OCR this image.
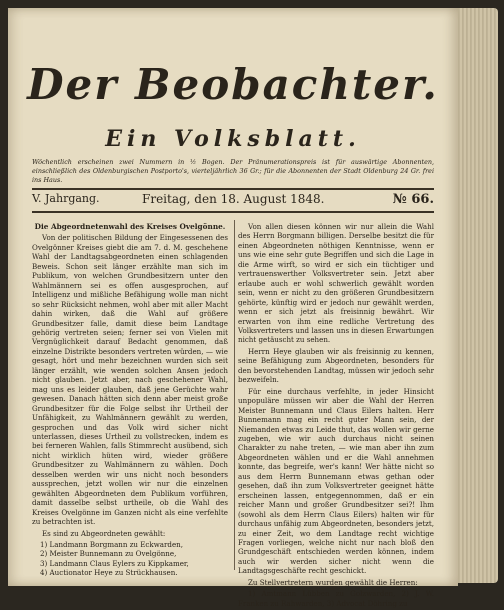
Der Beobachter.
Ein Volksblatt.
Wöchentlich erscheinen zwei Nummern in ½ Bogen. Der Pränumerationspreis ist für auswärtige Abonnenten, einschließlich des Oldenburgischen Postporto's, vierteljährlich 36 Gr.; für die Abonnenten der Stadt Oldenburg 24 Gr. frei ins Haus.
V. Jahrgang.	Freitag, den 18. August 1848.	№ 66.
Die Abgeordnetenwahl des Kreises Ovelgönne.

Von der politischen Bildung der Eingesessenen des Ovelgönner Kreises giebt die am 7. d. M. geschehene Wahl der Landtagsabgeordneten einen schlagenden Beweis. Schon seit länger erzählte man sich im Publikum, von welchen Grundbesitzern unter den Wahlmännern sei es offen ausgesprochen, auf Intelligenz und mißliche Befähigung wolle man nicht so sehr Rücksicht nehmen, wohl aber mit aller Macht dahin wirken, daß die Wahl auf größere Grundbesitzer falle, damit diese beim Landtage gehörig vertreten seien; ferner sei von Vielen mit Vergnüglichkeit darauf Bedacht genommen, daß einzelne Distrikte besonders vertreten würden, — wie gesagt, hört und mehr bezeichnen wurden sich seit länger erzählt, wie wenden solchen Ansen jedoch nicht glauben. Jetzt aber, nach geschehener Wahl, mag uns es leider glauben, daß jene Gerüchte wahr gewesen. Danach hätten sich denn aber meist große Grundbesitzer für die Folge selbst ihr Urtheil der Unfähigkeit, zu Wahlmännern gewählt zu werden, gesprochen und das Volk wird sicher nicht unterlassen, dieses Urtheil zu vollstrecken, indem es bei ferneren Wahlen, falls Stimmrecht ausübend, sich nicht wirklich hüten wird, wieder größere Grundbesitzer zu Wahlmännern zu wählen. Doch desselben werden wir uns nicht noch besonders aussprechen, jetzt wollen wir nur die einzelnen gewählten Abgeordneten dem Publikum vorführen, damit dasselbe selbst urtheile, ob die Wahl des Kreises Ovelgönne im Ganzen nicht als eine verfehlte zu betrachten ist.

Es sind zu Abgeordneten gewählt:

1) Landmann Borgmann zu Eckwarden,
2) Meister Bunnemann zu Ovelgönne,
3) Landmann Claus Eylers zu Kippkamer,
4) Auctionator Heye zu Strückhausen.

Von allen diesen können wir nur allein die Wahl des Herrn Borgmann billigen. Derselbe besitzt die für einen Abgeordneten nöthigen Kenntnisse, wenn er uns wie eine sehr gute Begriffen und sich die Lage in die Arme wirft, so wird er sich ein tüchtiger und vertrauenswerther Volksvertreter sein. Jetzt aber erlaube auch er wohl schwerlich gewählt worden sein, wenn er nicht zu den größeren Grundbesitzern gehörte, künftig wird er jedoch nur gewählt werden, wenn er sich jetzt als freisinnig bewährt. Wir erwarten von ihm eine redliche Vertretung des Volksvertreters und lassen uns in diesen Erwartungen nicht getäuscht zu sehen.

Herrn Heye glauben wir als freisinnig zu kennen, seine Befähigung zum Abgeordneten, besonders für den bevorstehenden Landtag, müssen wir jedoch sehr bezweifeln.

Für eine durchaus verfehlte, in jeder Hinsicht unpopuläre müssen wir aber die Wahl der Herren Meister Bunnemann und Claus Eilers halten. Herr Bunnemann mag ein recht guter Mann sein, der Niemanden etwas zu Leide thut, das wollen wir gerne zugeben, wie wir auch durchaus nicht seinen Charakter zu nahe treten, — wie man aber ihn zum Abgeordneten wählen und er die Wahl annehmen konnte, das begreife, wer's kann! Wer hätte nicht so aus dem Herrn Bunnemann etwas gethan oder gesehen, daß ihn zum Volksvertreter geeignet hätte erscheinen lassen, entgegennommen, daß er ein reicher Mann und großer Grundbesitzer sei?! Ihm (sowohl als dem Herrn Claus Eilers) halten wir für durchaus unfähig zum Abgeordneten, besonders jetzt, zu einer Zeit, wo dem Landtage recht wichtige Fragen vorliegen, welche nicht nur nach bloß den Grundgeschäft entschieden werden können, indem auch wir werden sicher nicht wenn die Landtagsgeschäfte recht geschickt.

Zu Stellvertretern wurden gewählt die Herren:

1) Amtmann Lübben zu Golzwarden, 2) J. W. Franken zu Rahwarden, 3) Advocat Döhring zu
